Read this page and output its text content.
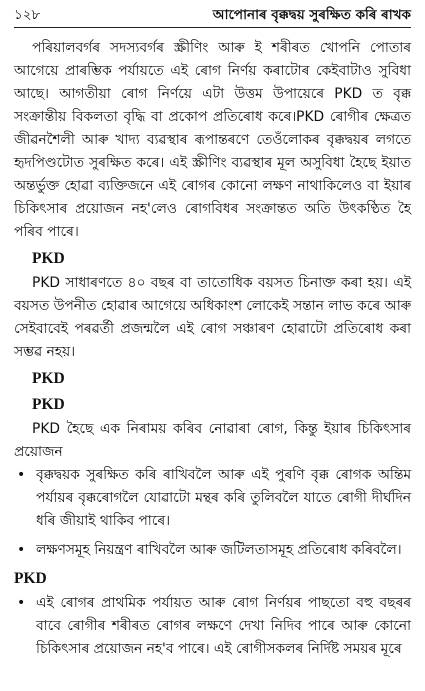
১২৮	আপোনাৰ বৃক্কদ্বয় সুৰক্ষিত কৰি ৰাখক

পৰিয়ালবৰ্গৰ সদস্যবৰ্গৰ স্ক্ৰীণিং আৰু ই শৰীৰত খোপনি পোতাৰ আগেয়ে প্ৰাৰম্ভিক পৰ্যায়তে এই ৰোগ নিৰ্ণয় কৰাটোৰ কেইবাটাও সুবিধা আছে। আগতীয়া ৰোগ নিৰ্ণয়ে এটা উত্তম উপায়েৰে PKD ত বৃক্ক সংক্ৰান্তীয় বিকলতা বৃদ্ধি বা প্ৰকোপ প্ৰতিৰোধ কৰে।PKD ৰোগীৰ ক্ষেত্ৰত জীৱনশৈলী আৰু খাদ্য ব্যৱস্থাৰ ৰূপান্তৰণে তেওঁলোকৰ বৃক্কদ্বয়ৰ লগতে হৃদপিণ্ডটোত সুৰক্ষিত কৰে। এই স্ক্ৰীণিং ব্যৱস্থাৰ মূল অসুবিধা হৈছে ইয়াত অন্তৰ্ভুক্ত হোৱা ব্যক্তিজনে এই ৰোগৰ কোনো লক্ষণ নাথাকিলেও বা ইয়াৰ চিকিৎসাৰ প্ৰয়োজন নহ'লেও ৰোগবিধৰ সংক্ৰান্তত অতি উৎকণ্ঠিত হৈ পৰিব পাৰে।

PKD

PKD সাধাৰণতে ৪০ বছৰ বা তাতোধিক বয়সত চিনাক্ত কৰা হয়। এই বয়সত উপনীত হোৱাৰ আগেয়ে অধিকাংশ লোকেই সন্তান লাভ কৰে আৰু সেইবাবেই পৰৱৰ্তী প্ৰজন্মলৈ এই ৰোগ সঞ্চাৰণ হোৱাটো প্ৰতিৰোধ কৰা সম্ভৱ নহয়।

PKD
PKD

PKD হৈছে এক নিৰাময় কৰিব নোৱাৰা ৰোগ, কিন্তু ইয়াৰ চিকিৎসাৰ প্ৰয়োজন

• বৃক্কদ্বয়ক সুৰক্ষিত কৰি ৰাখিবলৈ আৰু এই পুৰণি বৃক্ক ৰোগক অন্তিম পৰ্যায়ৰ বৃক্কৰোগলৈ যোৱাটো মন্থৰ কৰি তুলিবলৈ যাতে ৰোগী দীৰ্ঘদিন ধৰি জীয়াই থাকিব পাৰে।
• লক্ষণসমূহ নিয়ন্ত্ৰণ ৰাখিবলৈ আৰু জটিলতাসমূহ প্ৰতিৰোধ কৰিবলৈ।
PKD
• এই ৰোগৰ প্ৰাথমিক পৰ্যায়ত আৰু ৰোগ নিৰ্ণয়ৰ পাছতো বহু বছৰৰ বাবে ৰোগীৰ শৰীৰত ৰোগৰ লক্ষণে দেখা নিদিব পাৰে আৰু কোনো চিকিৎসাৰ প্ৰয়োজন নহ'ব পাৰে। এই ৰোগীসকলৰ নিৰ্দিষ্ট সময়ৰ মূৰে
